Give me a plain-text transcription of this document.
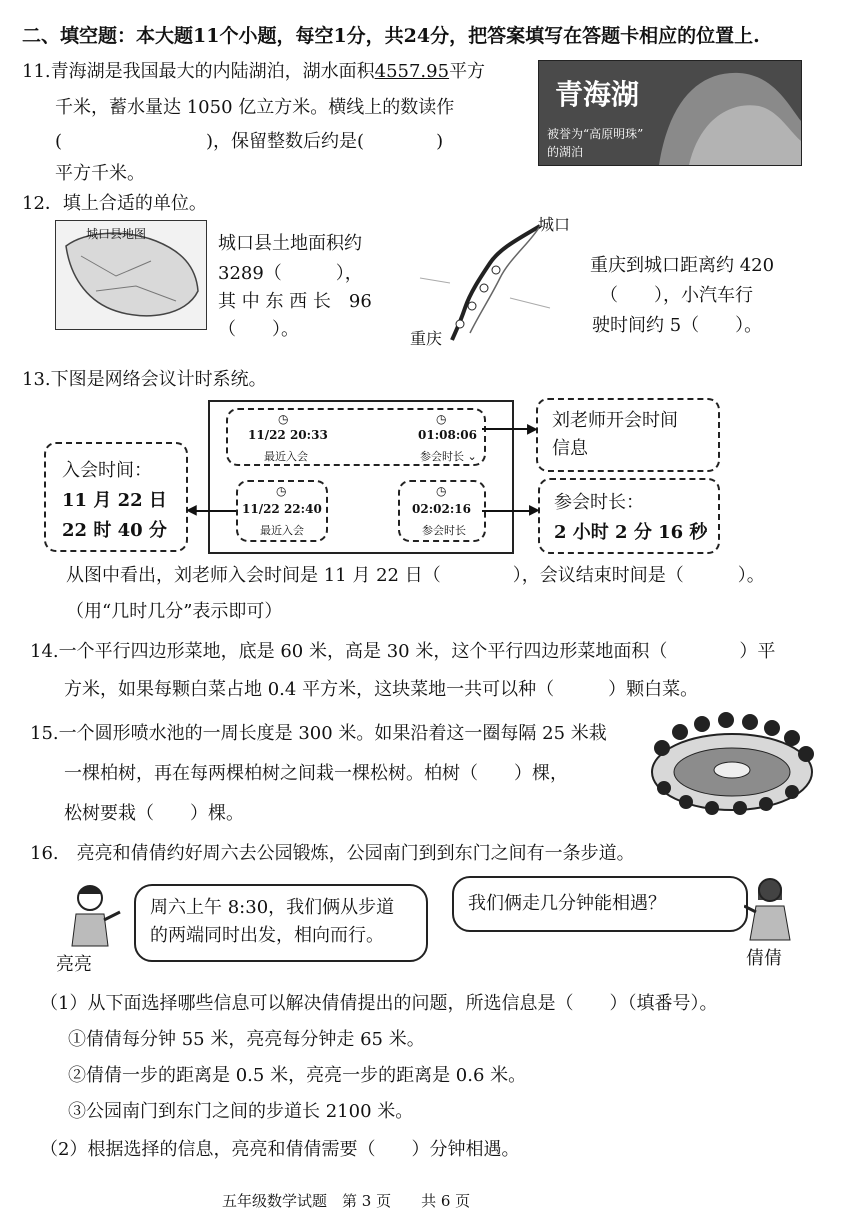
二、填空题：本大题11个小题，每空1分，共24分，把答案填写在答题卡相应的位置上.
11.青海湖是我国最大的内陆湖泊，湖水面积4557.95平方
千米，蓄水量达 1050 亿立方米。横线上的数读作
(　　　　　　　　)，保留整数后约是(　　　　)
平方千米。
青海湖
被誉为“高原明珠”
的湖泊
12．填上合适的单位。
城口县地图	城口县土地面积约
3289（　　　），
其 中 东 西 长　96
（　　）。
城口
重庆
重庆到城口距离约 420
（　　），小汽车行
驶时间约 5（　　）。
13.下图是网络会议计时系统。
◷	◷
11/22 20:33	01:08:06
最近入会	参会时长 ⌄
◷
11/22 22:40
最近入会
◷
02:02:16
参会时长
刘老师开会时间
信息
▶
入会时间：
11 月 22 日
22 时 40 分
◀	参会时长：
2 小时 2 分 16 秒
▶
从图中看出，刘老师入会时间是 11 月 22 日（　　　　），会议结束时间是（　　　）。
（用“几时几分”表示即可）
14.一个平行四边形菜地，底是 60 米，高是 30 米，这个平行四边形菜地面积（　　　　）平
方米，如果每颗白菜占地 0.4 平方米，这块菜地一共可以种（　　　）颗白菜。
15.一个圆形喷水池的一周长度是 300 米。如果沿着这一圈每隔 25 米栽
一棵柏树，再在每两棵柏树之间栽一棵松树。柏树（　　）棵，
松树要栽（　　）棵。
16.　亮亮和倩倩约好周六去公园锻炼，公园南门到到东门之间有一条步道。
亮亮
周六上午 8:30，我们俩从步道
的两端同时出发，相向而行。
我们俩走几分钟能相遇？
倩倩
（1）从下面选择哪些信息可以解决倩倩提出的问题，所选信息是（　　）（填番号）。
①倩倩每分钟 55 米，亮亮每分钟走 65 米。
②倩倩一步的距离是 0.5 米，亮亮一步的距离是 0.6 米。
③公园南门到东门之间的步道长 2100 米。
（2）根据选择的信息，亮亮和倩倩需要（　　）分钟相遇。
五年级数学试题　第 3 页　　共 6 页
